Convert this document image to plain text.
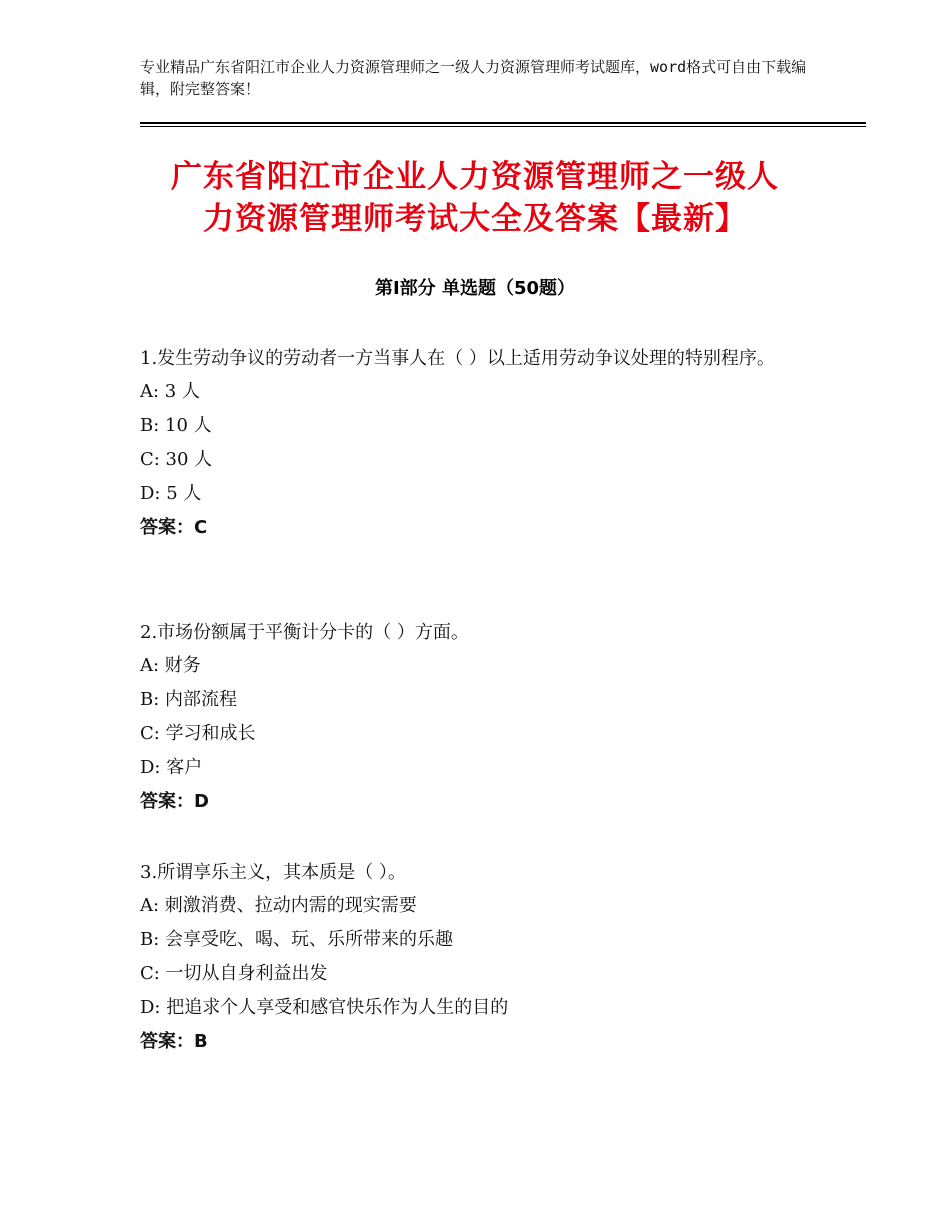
专业精品广东省阳江市企业人力资源管理师之一级人力资源管理师考试题库，word格式可自由下载编辑，附完整答案！
广东省阳江市企业人力资源管理师之一级人
力资源管理师考试大全及答案【最新】
第Ⅰ部分 单选题（50题）

1.发生劳动争议的劳动者一方当事人在（ ）以上适用劳动争议处理的特别程序。

A: 3 人

B: 10 人

C: 30 人

D: 5 人

答案：C

2.市场份额属于平衡计分卡的（ ）方面。

A: 财务

B: 内部流程

C: 学习和成长

D: 客户

答案：D

3.所谓享乐主义，其本质是（ ）。

A: 刺激消费、拉动内需的现实需要

B: 会享受吃、喝、玩、乐所带来的乐趣

C: 一切从自身利益出发

D: 把追求个人享受和感官快乐作为人生的目的

答案：B
